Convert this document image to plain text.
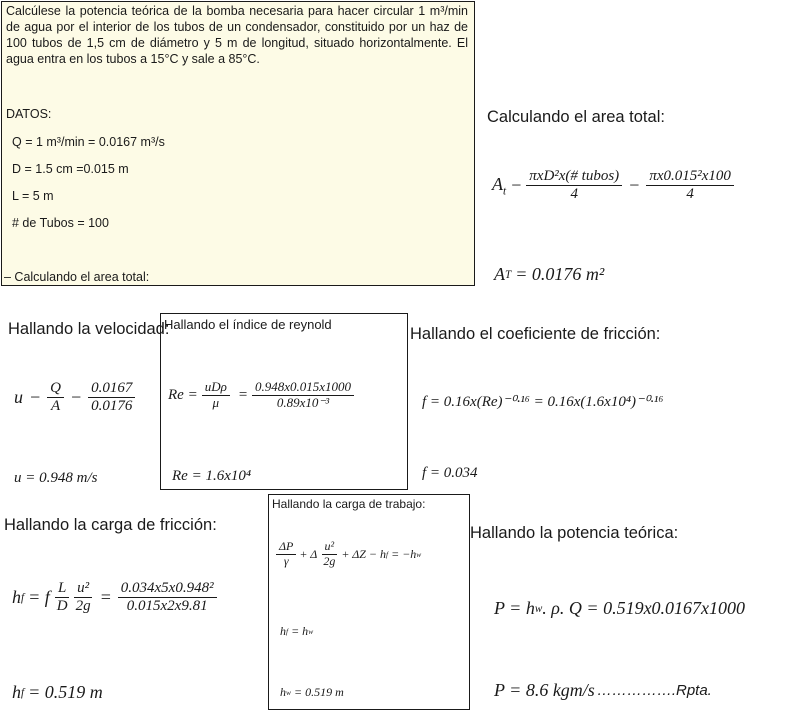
Calcúlese la potencia teórica de la bomba necesaria para hacer circular 1 m³/min de agua por el interior de los tubos de un condensador, constituido por un haz de 100 tubos de 1,5 cm de diámetro y 5 m de longitud, situado horizontalmente. El agua entra en los tubos a 15°C y sale a 85°C.
DATOS:
Q = 1 m³/min = 0.0167 m³/s
D = 1.5 cm =0.015 m
L = 5 m
# de Tubos = 100
– Calculando el area total:
Calculando el area total:
$A_t - \frac{\text{πxD²x(\# tubos)}}{4} - \frac{\text{πx0.015²x100}}{4}$
A T = 0.0176 m²
Hallando la velocidad:
$u - \frac{Q}{A} - \frac{0.0167}{0.0176}$
u = 0.948 m/s
Hallando el índice de reynold
$Re = \frac{\text{uDρ}}{\mu} = \frac{0.948x0.015x1000}{\text{0.89x10⁻³}}$
Re = 1.6x10⁴
Hallando el coeficiente de fricción:
f = 0.16x(Re)⁻⁰·¹⁶ = 0.16x(1.6x10⁴)⁻⁰·¹⁶
f = 0.034
Hallando la carga de fricción:
h f = f $\frac{L}{D} \frac{\text{u²}}{2g} = \frac{\text{0.034x5x0.948²}}{0.015x2x9.81}$
h f = 0.519 m
Hallando la carga de trabajo:
$\frac{\Delta P}{\gamma} + \Delta \frac{\text{u²}}{2g} + \Delta Z - h$ f = −h w
h f = h w
h w = 0.519 m
Hallando la potencia teórica:
P = h w . ρ. Q = 0.519x0.0167x1000
P = 8.6 kgm/s …………….Rpta.
